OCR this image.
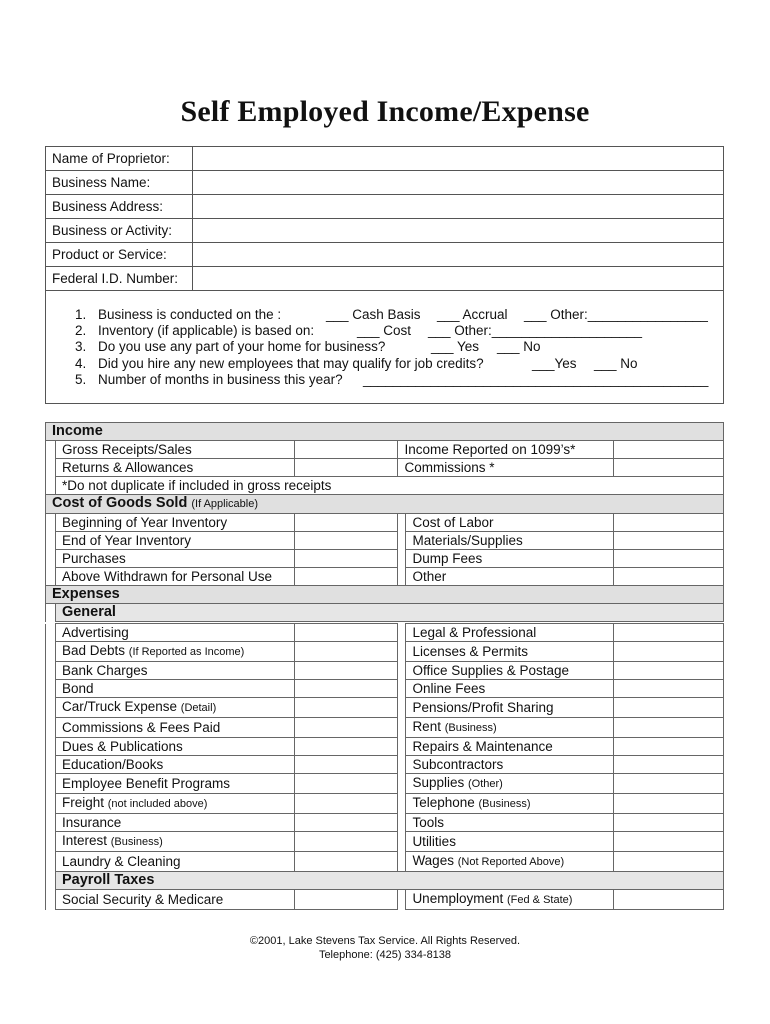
Self Employed Income/Expense
Name of Proprietor:	
Business Name:	
Business Address:	
Business or Activity:	
Product or Service:	
Federal I.D. Number:	
1. Business is conducted on the :	___ Cash Basis ___ Accrual ___ Other:________________
2. Inventory (if applicable) is based on:	___ Cost ___ Other:____________________
3. Do you use any part of your home for business?	___ Yes ___ No
4. Did you hire any new employees that may qualify for job credits?	___Yes ___ No
5. Number of months in business this year? ______________________________________________
Income					
	Gross Receipts/Sales		Income Reported on 1099’s*		
	Returns & Allowances		Commissions *		
	*Do not duplicate if included in gross receipts				
Cost of Goods Sold (If Applicable)					
	Beginning of Year Inventory			Cost of Labor	
	End of Year Inventory			Materials/Supplies	
	Purchases			Dump Fees	
	Above Withdrawn for Personal Use			Other	
Expenses					
	General				
	Advertising			Legal & Professional	
	Bad Debts (If Reported as Income)			Licenses & Permits	
	Bank Charges			Office Supplies & Postage	
	Bond			Online Fees	
	Car/Truck Expense (Detail)			Pensions/Profit Sharing	
	Commissions & Fees Paid			Rent (Business)	
	Dues & Publications			Repairs & Maintenance	
	Education/Books			Subcontractors	
	Employee Benefit Programs			Supplies (Other)	
	Freight (not included above)			Telephone (Business)	
	Insurance			Tools	
	Interest (Business)			Utilities	
	Laundry & Cleaning			Wages (Not Reported Above)	
	Payroll Taxes				
	Social Security & Medicare			Unemployment (Fed & State)	
©2001, Lake Stevens Tax Service. All Rights Reserved.
Telephone: (425) 334-8138
